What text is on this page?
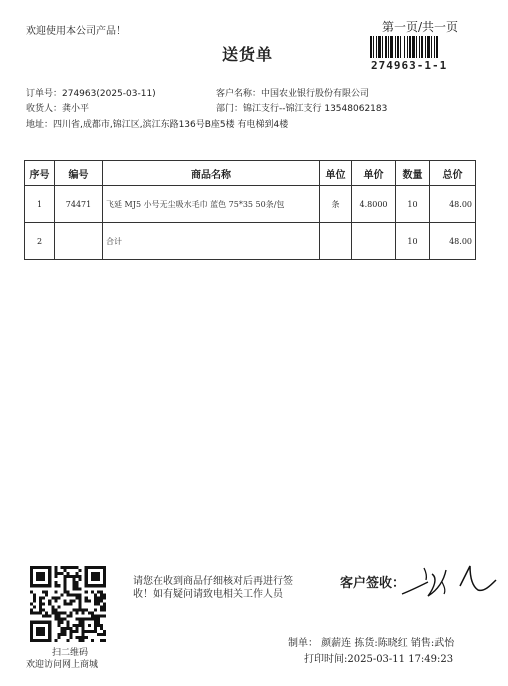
欢迎使用本公司产品！	第一页/共一页
送货单
274963-1-1
订单号：274963(2025-03-11)	客户名称：中国农业银行股份有限公司
收货人：龚小平	部门：锦江支行--锦江支行 13548062183
地址：四川省,成都市,锦江区,滨江东路136号B座5楼 有电梯到4楼
序号	编号	商品名称	单位	单价	数量	总价
1	74471	飞延 MJ5 小号无尘吸水毛巾 蓝色 75*35 50条/包	条	4.8000	10	48.00
2		合计			10	48.00
扫二维码
欢迎访问网上商城
请您在收到商品仔细核对后再进行签
收！如有疑问请致电相关工作人员
客户签收：
制单： 颜薪连 拣货:陈晓红 销售:武怡
打印时间:2025-03-11 17:49:23
